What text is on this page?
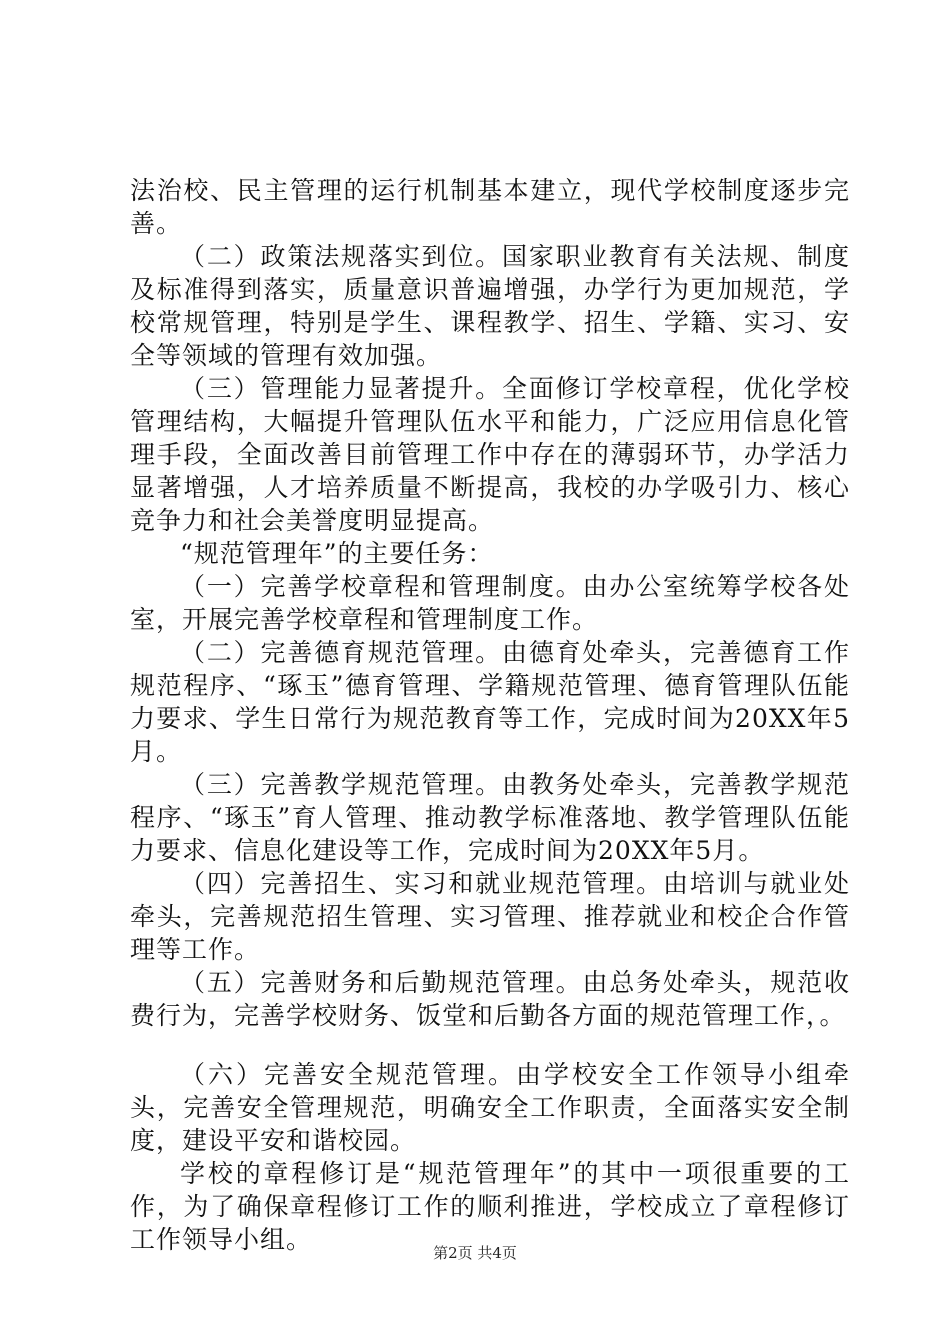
法治校、民主管理的运行机制基本建立，现代学校制度逐步完善。

（二）政策法规落实到位。国家职业教育有关法规、制度及标准得到落实，质量意识普遍增强，办学行为更加规范，学校常规管理，特别是学生、课程教学、招生、学籍、实习、安全等领域的管理有效加强。

（三）管理能力显著提升。全面修订学校章程，优化学校管理结构，大幅提升管理队伍水平和能力，广泛应用信息化管理手段，全面改善目前管理工作中存在的薄弱环节，办学活力显著增强，人才培养质量不断提高，我校的办学吸引力、核心竞争力和社会美誉度明显提高。

“规范管理年”的主要任务：

（一）完善学校章程和管理制度。由办公室统筹学校各处室，开展完善学校章程和管理制度工作。

（二）完善德育规范管理。由德育处牵头，完善德育工作规范程序、“琢玉”德育管理、学籍规范管理、德育管理队伍能力要求、学生日常行为规范教育等工作，完成时间为20XX年5月。

（三）完善教学规范管理。由教务处牵头，完善教学规范程序、“琢玉”育人管理、推动教学标准落地、教学管理队伍能力要求、信息化建设等工作，完成时间为20XX年5月。

（四）完善招生、实习和就业规范管理。由培训与就业处牵头，完善规范招生管理、实习管理、推荐就业和校企合作管理等工作。

（五）完善财务和后勤规范管理。由总务处牵头，规范收费行为，完善学校财务、饭堂和后勤各方面的规范管理工作，。

（六）完善安全规范管理。由学校安全工作领导小组牵头，完善安全管理规范，明确安全工作职责，全面落实安全制度，建设平安和谐校园。

学校的章程修订是“规范管理年”的其中一项很重要的工作，为了确保章程修订工作的顺利推进，学校成立了章程修订工作领导小组。	第2页 共4页
